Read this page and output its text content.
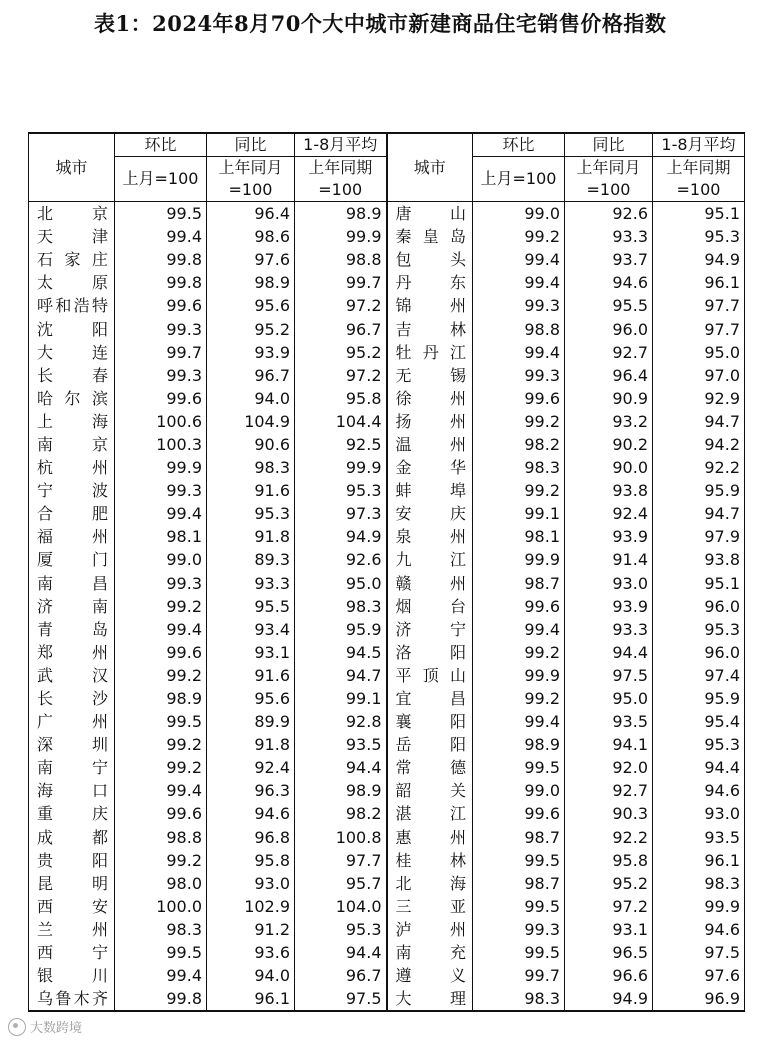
表1：2024年8月70个大中城市新建商品住宅销售价格指数
城市	环比	同比	1-8月平均	城市	环比	同比	1-8月平均
	上月=100	上年同月	上年同期		上月=100	上年同月	上年同期
		=100	=100			=100	=100
北京	99.5	96.4	98.9	唐山	99.0	92.6	95.1
天津	99.4	98.6	99.9	秦皇岛	99.2	93.3	95.3
石家庄	99.8	97.6	98.8	包头	99.4	93.7	94.9
太原	99.8	98.9	99.7	丹东	99.4	94.6	96.1
呼和浩特	99.6	95.6	97.2	锦州	99.3	95.5	97.7
沈阳	99.3	95.2	96.7	吉林	98.8	96.0	97.7
大连	99.7	93.9	95.2	牡丹江	99.4	92.7	95.0
长春	99.3	96.7	97.2	无锡	99.3	96.4	97.0
哈尔滨	99.6	94.0	95.8	徐州	99.6	90.9	92.9
上海	100.6	104.9	104.4	扬州	99.2	93.2	94.7
南京	100.3	90.6	92.5	温州	98.2	90.2	94.2
杭州	99.9	98.3	99.9	金华	98.3	90.0	92.2
宁波	99.3	91.6	95.3	蚌埠	99.2	93.8	95.9
合肥	99.4	95.3	97.3	安庆	99.1	92.4	94.7
福州	98.1	91.8	94.9	泉州	98.1	93.9	97.9
厦门	99.0	89.3	92.6	九江	99.9	91.4	93.8
南昌	99.3	93.3	95.0	赣州	98.7	93.0	95.1
济南	99.2	95.5	98.3	烟台	99.6	93.9	96.0
青岛	99.4	93.4	95.9	济宁	99.4	93.3	95.3
郑州	99.6	93.1	94.5	洛阳	99.2	94.4	96.0
武汉	99.2	91.6	94.7	平顶山	99.9	97.5	97.4
长沙	98.9	95.6	99.1	宜昌	99.2	95.0	95.9
广州	99.5	89.9	92.8	襄阳	99.4	93.5	95.4
深圳	99.2	91.8	93.5	岳阳	98.9	94.1	95.3
南宁	99.2	92.4	94.4	常德	99.5	92.0	94.4
海口	99.4	96.3	98.9	韶关	99.0	92.7	94.6
重庆	99.6	94.6	98.2	湛江	99.6	90.3	93.0
成都	98.8	96.8	100.8	惠州	98.7	92.2	93.5
贵阳	99.2	95.8	97.7	桂林	99.5	95.8	96.1
昆明	98.0	93.0	95.7	北海	98.7	95.2	98.3
西安	100.0	102.9	104.0	三亚	99.5	97.2	99.9
兰州	98.3	91.2	95.3	泸州	99.3	93.1	94.6
西宁	99.5	93.6	94.4	南充	99.5	96.5	97.5
银川	99.4	94.0	96.7	遵义	99.7	96.6	97.6
乌鲁木齐	99.8	96.1	97.5	大理	98.3	94.9	96.9
大数跨境
